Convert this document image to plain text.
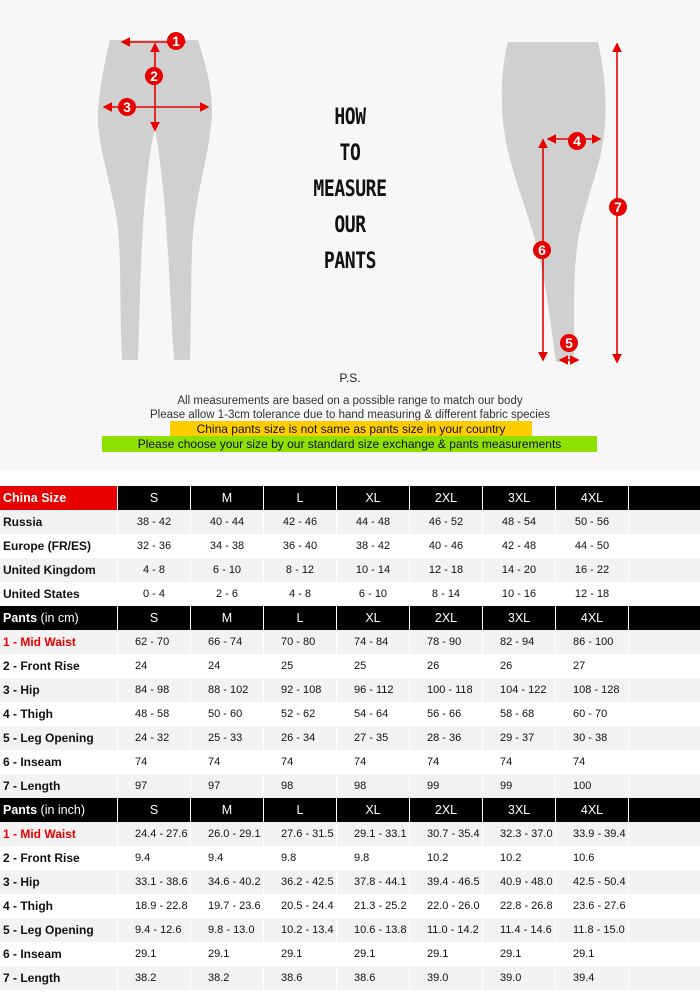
1
2
3
4
5
6
7
HOW
TO
MEASURE
OUR
PANTS
P.S.
All measurements are based on a possible range to match our body
Please allow 1-3cm tolerance due to hand measuring & different fabric species
China pants size is not same as pants size in your country
Please choose your size by our standard size exchange & pants measurements
China Size	S	M	L	XL	2XL	3XL	4XL
Russia	38 - 42	40 - 44	42 - 46	44 - 48	46 - 52	48 - 54	50 - 56
Europe (FR/ES)	32 - 36	34 - 38	36 - 40	38 - 42	40 - 46	42 - 48	44 - 50
United Kingdom	4 - 8	6 - 10	8 - 12	10 - 14	12 - 18	14 - 20	16 - 22
United States	0 - 4	2 - 6	4 - 8	6 - 10	8 - 14	10 - 16	12 - 18
Pants (in cm)	S	M	L	XL	2XL	3XL	4XL
1 - Mid Waist	62 - 70	66 - 74	70 - 80	74 - 84	78 - 90	82 - 94	86 - 100
2 - Front Rise	24	24	25	25	26	26	27
3 - Hip	84 - 98	88 - 102	92 - 108	96 - 112	100 - 118	104 - 122	108 - 128
4 - Thigh	48 - 58	50 - 60	52 - 62	54 - 64	56 - 66	58 - 68	60 - 70
5 - Leg Opening	24 - 32	25 - 33	26 - 34	27 - 35	28 - 36	29 - 37	30 - 38
6 - Inseam	74	74	74	74	74	74	74
7 - Length	97	97	98	98	99	99	100
Pants (in inch)	S	M	L	XL	2XL	3XL	4XL
1 - Mid Waist	24.4 - 27.6	26.0 - 29.1	27.6 - 31.5	29.1 - 33.1	30.7 - 35.4	32.3 - 37.0	33.9 - 39.4
2 - Front Rise	9.4	9.4	9.8	9.8	10.2	10.2	10.6
3 - Hip	33.1 - 38.6	34.6 - 40.2	36.2 - 42.5	37.8 - 44.1	39.4 - 46.5	40.9 - 48.0	42.5 - 50.4
4 - Thigh	18.9 - 22.8	19.7 - 23.6	20.5 - 24.4	21.3 - 25.2	22.0 - 26.0	22.8 - 26.8	23.6 - 27.6
5 - Leg Opening	9.4 - 12.6	9.8 - 13.0	10.2 - 13.4	10.6 - 13.8	11.0 - 14.2	11.4 - 14.6	11.8 - 15.0
6 - Inseam	29.1	29.1	29.1	29.1	29.1	29.1	29.1
7 - Length	38.2	38.2	38.6	38.6	39.0	39.0	39.4
